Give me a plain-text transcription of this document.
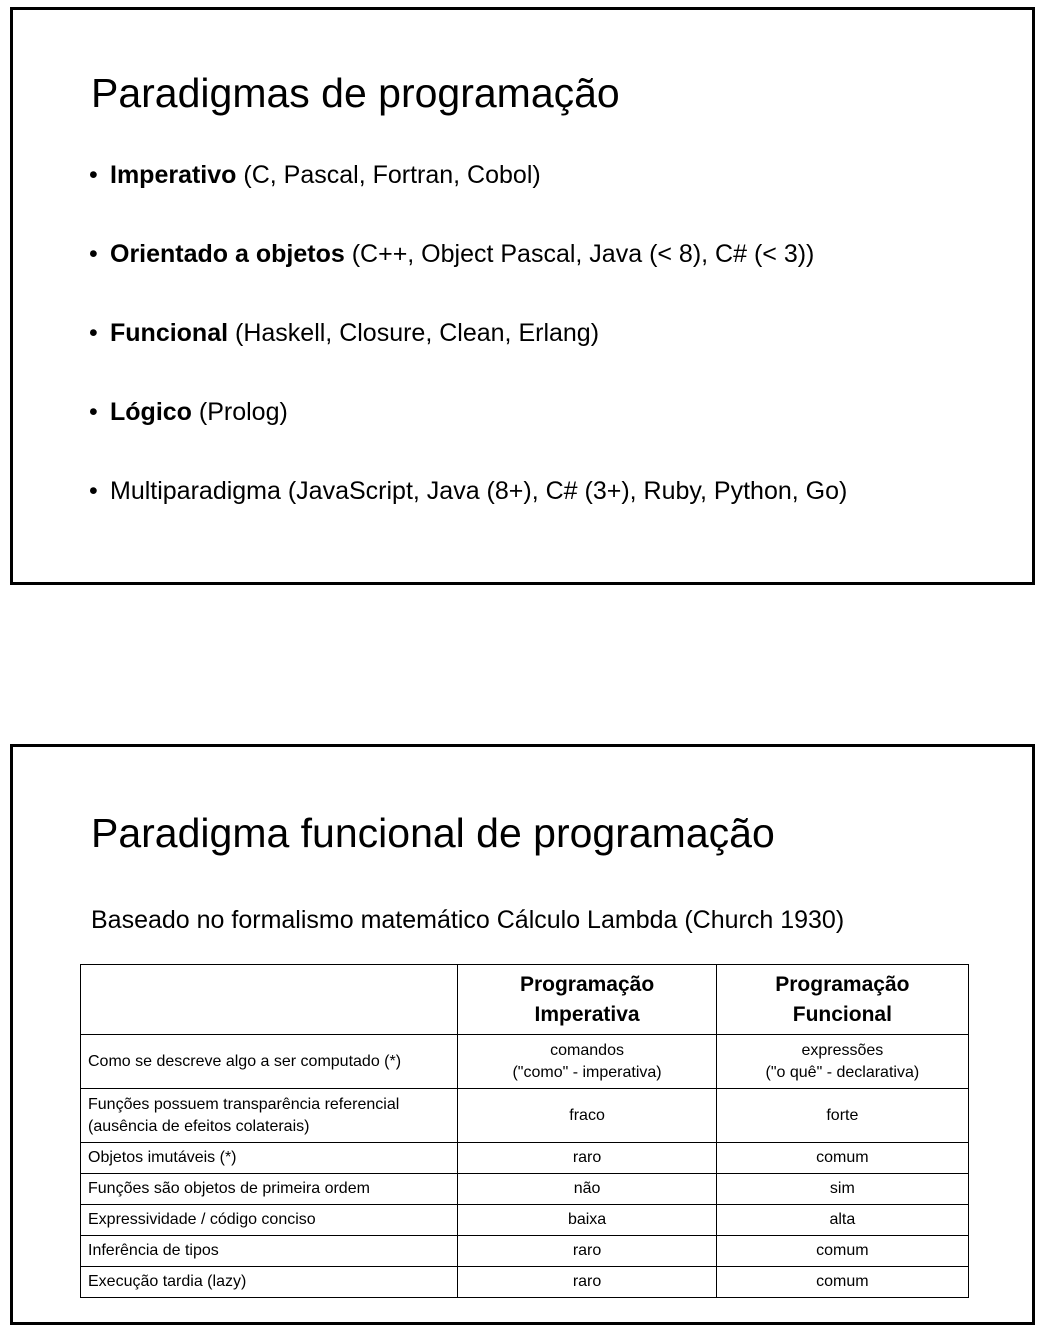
Paradigmas de programação
• Imperativo (C, Pascal, Fortran, Cobol)
• Orientado a objetos (C++, Object Pascal, Java (< 8), C# (< 3))
• Funcional (Haskell, Closure, Clean, Erlang)
• Lógico (Prolog)
• Multiparadigma (JavaScript, Java (8+), C# (3+), Ruby, Python, Go)
Paradigma funcional de programação

Baseado no formalismo matemático Cálculo Lambda (Church 1930)

	Programação
Imperativa	Programação
Funcional

Como se descreve algo a ser computado (*)	comandos
("como" - imperativa)	expressões
("o quê" - declarativa)

Funções possuem transparência referencial
(ausência de efeitos colaterais)	fraco	forte

Objetos imutáveis (*)	raro	comum

Funções são objetos de primeira ordem	não	sim

Expressividade / código conciso	baixa	alta

Inferência de tipos	raro	comum

Execução tardia (lazy)	raro	comum
